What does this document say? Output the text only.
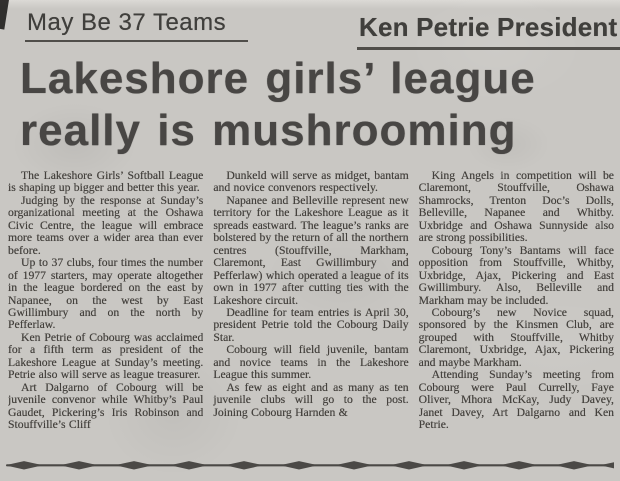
May Be 37 Teams	Ken Petrie President
Lakeshore girls’ league
really is mushrooming

The Lakeshore Girls’ Softball League is shaping up bigger and better this year.

Judging by the response at Sunday’s organizational meeting at the Oshawa Civic Centre, the league will embrace more teams over a wider area than ever before.

Up to 37 clubs, four times the number of 1977 starters, may operate altogether in the league bordered on the east by Napanee, on the west by East Gwillimbury and on the north by Pefferlaw.

Ken Petrie of Cobourg was acclaimed for a fifth term as president of the Lakeshore League at Sunday’s meeting. Petrie also will serve as league treasurer.

Art Dalgarno of Cobourg will be juvenile convenor while Whitby’s Paul Gaudet, Pickering’s Iris Robinson and Stouffville’s Cliff

Dunkeld will serve as midget, bantam and novice convenors respectively.

Napanee and Belleville represent new territory for the Lakeshore League as it spreads eastward. The league’s ranks are bolstered by the return of all the northern centres (Stouffville, Markham, Claremont, East Gwillimbury and Pefferlaw) which operated a league of its own in 1977 after cutting ties with the Lakeshore circuit.

Deadline for team entries is April 30, president Petrie told the Cobourg Daily Star.

Cobourg will field juvenile, bantam and novice teams in the Lakeshore League this summer.

As few as eight and as many as ten juvenile clubs will go to the post. Joining Cobourg Harnden &

King Angels in competition will be Claremont, Stouffville, Oshawa Shamrocks, Trenton Doc’s Dolls, Belleville, Napanee and Whitby. Uxbridge and Oshawa Sunnyside also are strong possibilities.

Cobourg Tony’s Bantams will face opposition from Stouffville, Whitby, Uxbridge, Ajax, Pickering and East Gwillimbury. Also, Belleville and Markham may be included.

Cobourg’s new Novice squad, sponsored by the Kinsmen Club, are grouped with Stouffville, Whitby Claremont, Uxbridge, Ajax, Pickering and maybe Markham.

Attending Sunday’s meeting from Cobourg were Paul Currelly, Faye Oliver, Mhora McKay, Judy Davey, Janet Davey, Art Dalgarno and Ken Petrie.
